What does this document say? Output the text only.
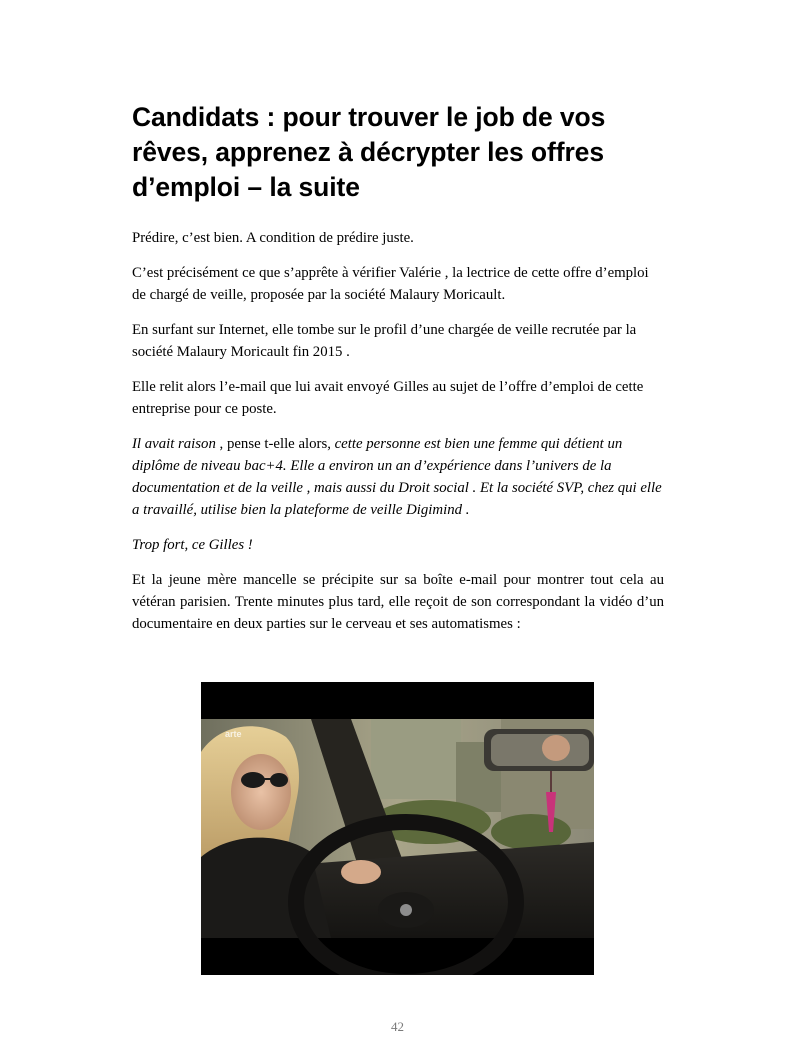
Candidats : pour trouver le job de vos rêves, apprenez à décrypter les offres d’emploi – la suite

Prédire, c’est bien. A condition de prédire juste.

C’est précisément ce que s’apprête à vérifier Valérie , la lectrice de cette offre d’emploi de chargé de veille, proposée par la société Malaury Moricault.

En surfant sur Internet, elle tombe sur le profil d’une chargée de veille recrutée par la société Malaury Moricault fin 2015 .

Elle relit alors l’e-mail que lui avait envoyé Gilles au sujet de l’offre d’emploi de cette entreprise pour ce poste.

Il avait raison , pense t-elle alors, cette personne est bien une femme qui détient un diplôme de niveau bac+4. Elle a environ un an d’expérience dans l’univers de la documentation et de la veille , mais aussi du Droit social . Et la société SVP, chez qui elle a travaillé, utilise bien la plateforme de veille Digimind .

Trop fort, ce Gilles !

Et la jeune mère mancelle se précipite sur sa boîte e-mail pour montrer tout cela au vétéran parisien. Trente minutes plus tard, elle reçoit de son correspondant la vidéo d’un documentaire en deux parties sur le cerveau et ses automatismes :

arte
42
